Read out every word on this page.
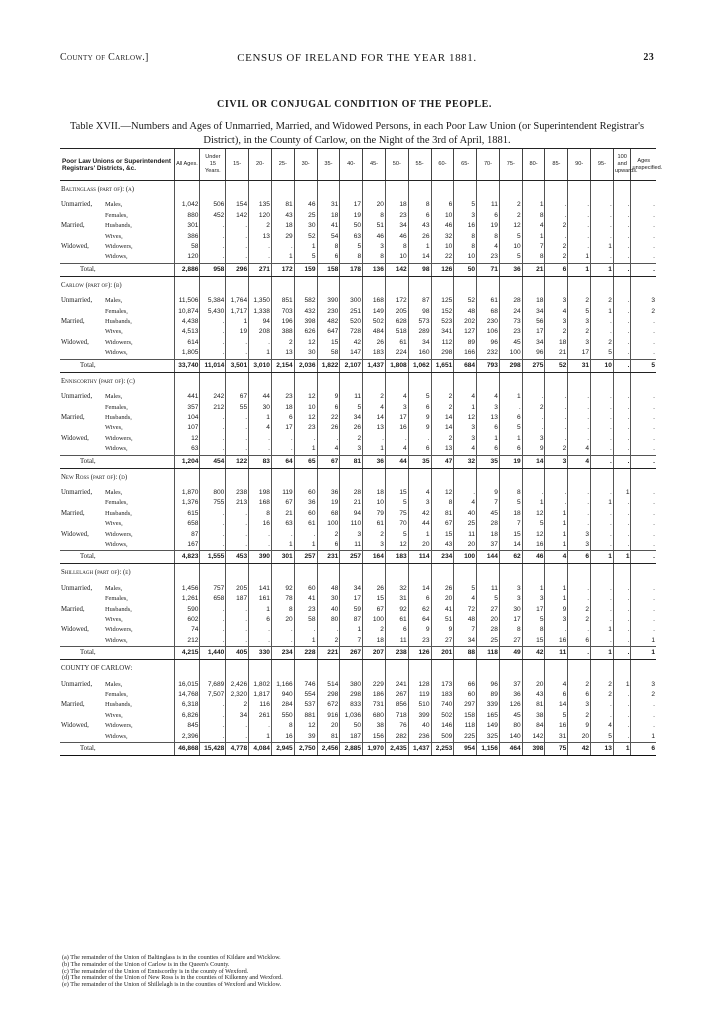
County of Carlow.]	CENSUS OF IRELAND FOR THE YEAR 1881.	23
CIVIL OR CONJUGAL CONDITION OF THE PEOPLE.
Table XVII.—Numbers and Ages of Unmarried, Married, and Widowed Persons, in each Poor Law Union (or Superintendent Registrar's District), in the County of Carlow, on the Night of the 3rd of April, 1881.
Poor Law Unions or Superintendent Registrars' Districts, &c.	All Ages.	Under 15 Years.	15-	20-	25-	30-	35-	40-	45-	50-	55-	60-	65-	70-	75-	80-	85-	90-	95-	100 and upwards.	Ages unspecified.
Baltinglass (part of): (a)																					

Unmarried, Males,	1,042	506	154	135	81	46	31	17	20	18	8	6	5	11	2	1	.	.	.	.	.
Females,	880	452	142	120	43	25	18	19	8	23	6	10	3	6	2	8	.	.	.	.	.
Married, Husbands,	301	.	.	2	18	30	41	50	51	34	43	46	16	19	12	4	2	.	.	.	.
Wives,	386	.	.	13	29	52	54	63	46	46	26	32	8	8	5	1	.	.	.	.	.
Widowed, Widowers,	58	.	.	.	.	1	8	5	3	8	1	10	8	4	10	7	2	.	1	.	.
Widows,	120	.	.	.	1	5	6	8	8	10	14	22	10	23	5	8	2	1	.	.	.
Total,	2,886	958	296	271	172	159	158	178	136	142	98	126	50	71	36	21	6	1	1	.	.
Carlow (part of): (b)																					

Unmarried, Males,	11,506	5,384	1,764	1,350	851	582	390	300	168	172	87	125	52	61	28	18	3	2	2	.	3
Females,	10,874	5,430	1,717	1,338	703	432	230	251	149	205	98	152	48	68	24	34	4	5	1	.	2
Married, Husbands,	4,438	.	1	94	196	398	482	520	502	628	573	523	202	230	73	56	3	3	.	.	.
Wives,	4,513	.	19	208	388	626	647	728	484	518	289	341	127	106	23	17	2	2	.	.	.
Widowed, Widowers,	614	.	.	.	2	12	15	42	26	61	34	112	89	96	45	34	18	3	2	.	.
Widows,	1,805	.	.	1	13	30	58	147	183	224	160	298	166	232	100	96	21	17	5	.	.
Total,	33,740	11,014	3,501	3,010	2,154	2,036	1,822	2,107	1,437	1,808	1,062	1,651	684	793	298	275	52	31	10	.	5
Enniscorthy (part of): (c)																					

Unmarried, Males,	441	242	67	44	23	12	9	11	2	4	5	2	4	4	1	.	.	.	.	.	.
Females,	357	212	55	30	18	10	6	5	4	3	6	2	1	3	.	2	.	.	.	.	.
Married, Husbands,	104	.	.	1	6	12	22	34	14	17	9	14	12	13	6	.	.	.	.	.	.
Wives,	107	.	.	4	17	23	26	26	13	16	9	14	3	6	5	.	.	.	.	.	.
Widowed, Widowers,	12	.	.	.	.	.	.	2	.	.	.	2	3	1	1	3	.	.	.	.	.
Widows,	63	.	.	.	.	1	4	3	1	4	6	13	4	6	6	9	2	4	.	.	.
Total,	1,204	454	122	83	64	65	67	81	36	44	35	47	32	35	19	14	3	4	.	.	.
New Ross (part of): (d)																					

Unmarried, Males,	1,870	800	238	198	119	60	36	28	18	15	4	12	.	9	8	.	.	.	.	1	.
Females,	1,376	755	213	168	67	36	19	21	10	5	3	8	4	7	5	1	.	.	1	.	.
Married, Husbands,	615	.	.	8	21	60	68	94	79	75	42	81	40	45	18	12	1	.	.	.	.
Wives,	658	.	.	16	63	61	100	110	61	70	44	67	25	28	7	5	1	.	.	.	.
Widowed, Widowers,	87	.	.	.	.	.	2	3	2	5	1	15	11	18	15	12	1	3	.	.	.
Widows,	167	.	.	.	1	1	6	11	3	12	20	43	20	37	14	16	1	3	.	.	.
Total,	4,823	1,555	453	390	301	257	231	257	164	183	114	234	100	144	62	46	4	6	1	1	.
Shillelagh (part of): (e)																					

Unmarried, Males,	1,456	757	205	141	92	60	48	34	26	32	14	26	5	11	3	1	1	.	.	.	.
Females,	1,261	658	187	161	78	41	30	17	15	31	6	20	4	5	3	3	1	.	.	.	.
Married, Husbands,	590	.	.	1	8	23	40	59	67	92	62	41	72	27	30	17	9	2	.	.	.
Wives,	602	.	.	6	20	58	80	87	100	61	64	51	48	20	17	5	3	2	.	.	.
Widowed, Widowers,	74	.	.	.	.	.	.	1	2	6	9	9	7	28	8	8	.	.	1	.	.
Widows,	212	.	.	.	.	1	2	7	18	11	23	27	34	25	27	15	16	6	.	.	1
Total,	4,215	1,440	405	330	234	228	221	267	207	238	126	201	88	118	49	42	11	.	1	.	1
COUNTY OF CARLOW:																					

Unmarried, Males,	16,015	7,689	2,426	1,802	1,166	746	514	380	229	241	128	173	66	96	37	20	4	2	2	1	3
Females,	14,768	7,507	2,320	1,817	940	554	298	298	186	267	119	183	60	89	36	43	6	6	2	.	2
Married, Husbands,	6,318	.	2	116	284	537	672	833	731	856	510	740	297	339	126	81	14	3	.	.	.
Wives,	6,826	.	34	261	550	881	916	1,036	680	718	399	502	158	165	45	38	5	2	.	.	.
Widowed, Widowers,	845	.	.	.	8	12	20	50	38	76	40	146	118	149	80	84	16	9	4	.	.
Widows,	2,396	.	.	1	16	39	81	187	156	282	236	509	225	325	140	142	31	20	5	.	1
Total,	46,868	15,428	4,778	4,084	2,945	2,750	2,456	2,885	1,970	2,435	1,437	2,253	954	1,156	464	398	75	42	13	1	6
(a) The remainder of the Union of Baltinglass is in the counties of Kildare and Wicklow.
(b) The remainder of the Union of Carlow is in the Queen's County.
(c) The remainder of the Union of Enniscorthy is in the county of Wexford.
(d) The remainder of the Union of New Ross is in the counties of Kilkenny and Wexford.
(e) The remainder of the Union of Shillelagh is in the counties of Wexford and Wicklow.
